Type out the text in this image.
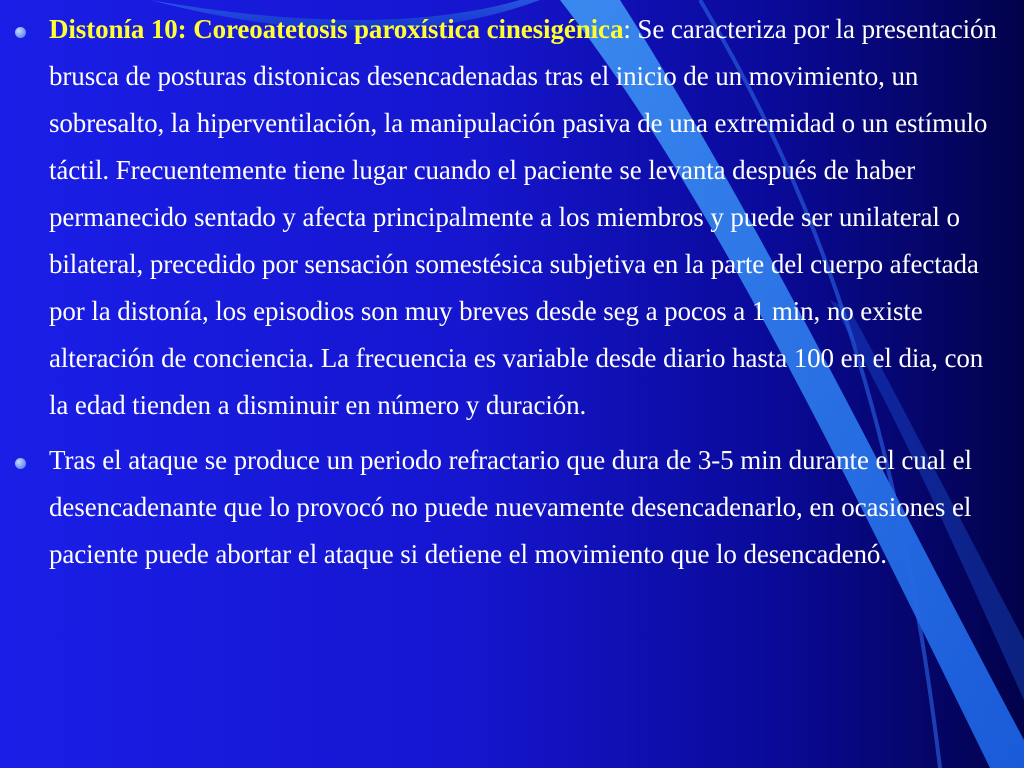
Distonía 10: Coreoatetosis paroxística cinesigénica: Se caracteriza por la presentación brusca de posturas distonicas desencadenadas tras el inicio de un movimiento, un sobresalto, la hiperventilación, la manipulación pasiva de una extremidad o un estímulo táctil. Frecuentemente tiene lugar cuando el paciente se levanta después de haber permanecido sentado y afecta principalmente a los miembros y puede ser unilateral o bilateral, precedido por sensación somestésica subjetiva en la parte del cuerpo afectada por la distonía, los episodios son muy breves desde seg a pocos a 1 min, no existe alteración de conciencia. La frecuencia es variable desde diario hasta 100 en el dia, con la edad tienden a disminuir en número y duración.
Tras el ataque se produce un periodo refractario que dura de 3-5 min durante el cual el desencadenante que lo provocó no puede nuevamente desencadenarlo, en ocasiones el paciente puede abortar el ataque si detiene el movimiento que lo desencadenó.
